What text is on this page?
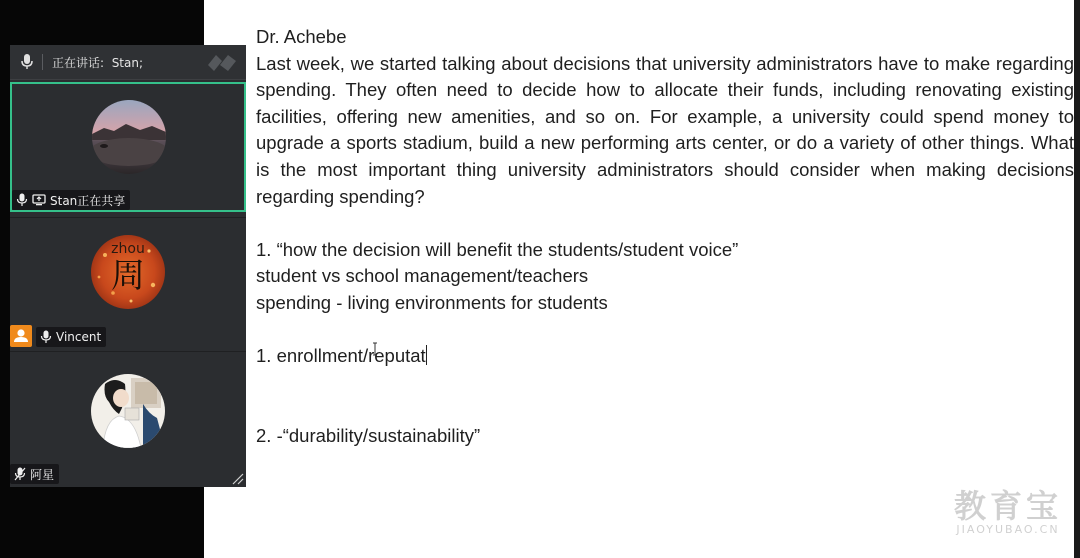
正在讲话: Stan;
Stan正在共享
zhou
周
Vincent
阿星

Dr. Achebe

Last week, we started talking about decisions that university administrators have to make regarding spending. They often need to decide how to allocate their funds, including renovating existing facilities, offering new amenities, and so on. For example, a university could spend money to upgrade a sports stadium, build a new performing arts center, or do a variety of other things. What is the most important thing university administrators should consider when making decisions regarding spending?

1. “how the decision will benefit the students/student voice”

student vs school management/teachers

spending - living environments for students

1. enrollment/reputat

2. -“durability/sustainability”

教育宝
JIAOYUBAO.CN
